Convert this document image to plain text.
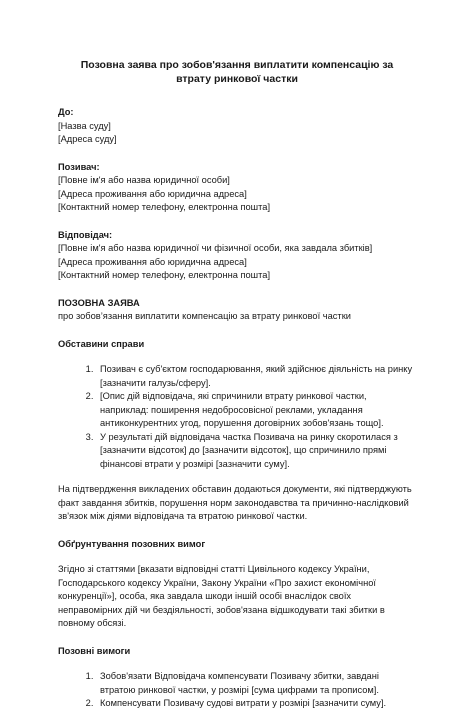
Позовна заява про зобов'язання виплатити компенсацію за втрату ринкової частки
До:
[Назва суду]
[Адреса суду]
Позивач:
[Повне ім'я або назва юридичної особи]
[Адреса проживання або юридична адреса]
[Контактний номер телефону, електронна пошта]
Відповідач:
[Повне ім'я або назва юридичної чи фізичної особи, яка завдала збитків]
[Адреса проживання або юридична адреса]
[Контактний номер телефону, електронна пошта]
ПОЗОВНА ЗАЯВА
про зобов’язання виплатити компенсацію за втрату ринкової частки
Обставини справи
1. Позивач є суб'єктом господарювання, який здійснює діяльність на ринку [зазначити галузь/сферу].
2. [Опис дій відповідача, які спричинили втрату ринкової частки, наприклад: поширення недобросовісної реклами, укладання антиконкурентних угод, порушення договірних зобов'язань тощо].
3. У результаті дій відповідача частка Позивача на ринку скоротилася з [зазначити відсоток] до [зазначити відсоток], що спричинило прямі фінансові втрати у розмірі [зазначити суму].

На підтвердження викладених обставин додаються документи, які підтверджують факт завдання збитків, порушення норм законодавства та причинно-наслідковий зв'язок між діями відповідача та втратою ринкової частки.

Обґрунтування позовних вимог

Згідно зі статтями [вказати відповідні статті Цивільного кодексу України, Господарського кодексу України, Закону України «Про захист економічної конкуренції»], особа, яка завдала шкоди іншій особі внаслідок своїх неправомірних дій чи бездіяльності, зобов'язана відшкодувати такі збитки в повному обсязі.

Позовні вимоги
1. Зобов'язати Відповідача компенсувати Позивачу збитки, завдані втратою ринкової частки, у розмірі [сума цифрами та прописом].
2. Компенсувати Позивачу судові витрати у розмірі [зазначити суму].
